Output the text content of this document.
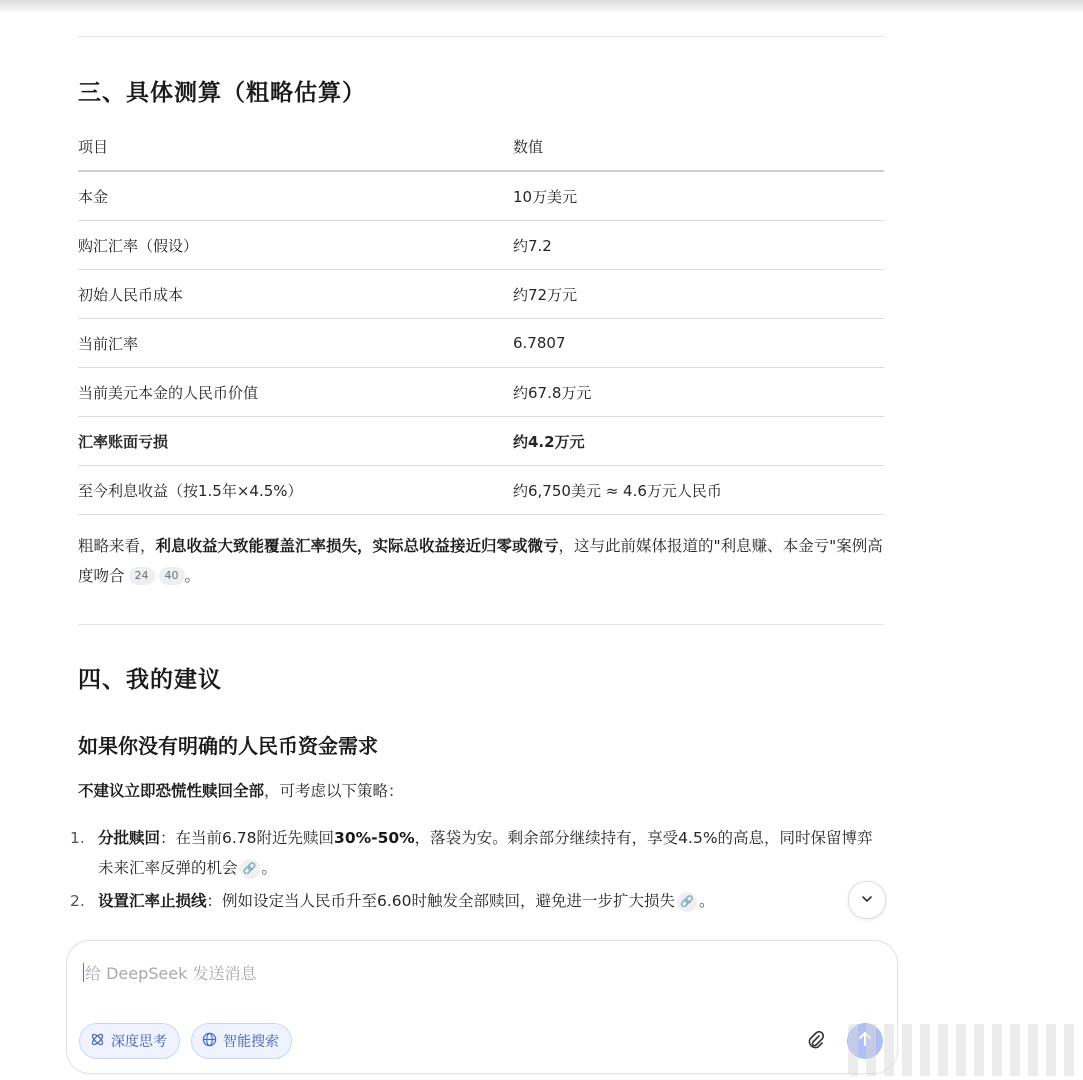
三、具体测算（粗略估算）
项目	数值
本金	10万美元
购汇汇率（假设）	约7.2
初始人民币成本	约72万元
当前汇率	6.7807
当前美元本金的人民币价值	约67.8万元
汇率账面亏损	约4.2万元
至今利息收益（按1.5年×4.5%）	约6,750美元 ≈ 4.6万元人民币

粗略来看，利息收益大致能覆盖汇率损失，实际总收益接近归零或微亏，这与此前媒体报道的"利息赚、本金亏"案例高度吻合 24 40 。

四、我的建议
如果你没有明确的人民币资金需求

不建议立即恐慌性赎回全部，可考虑以下策略：

1. 分批赎回：在当前6.78附近先赎回30%-50%，落袋为安。剩余部分继续持有，享受4.5%的高息，同时保留博弈未来汇率反弹的机会 🔗 。
2. 设置汇率止损线：例如设定当人民币升至6.60时触发全部赎回，避免进一步扩大损失 🔗 。
给 DeepSeek 发送消息
深度思考	智能搜索
